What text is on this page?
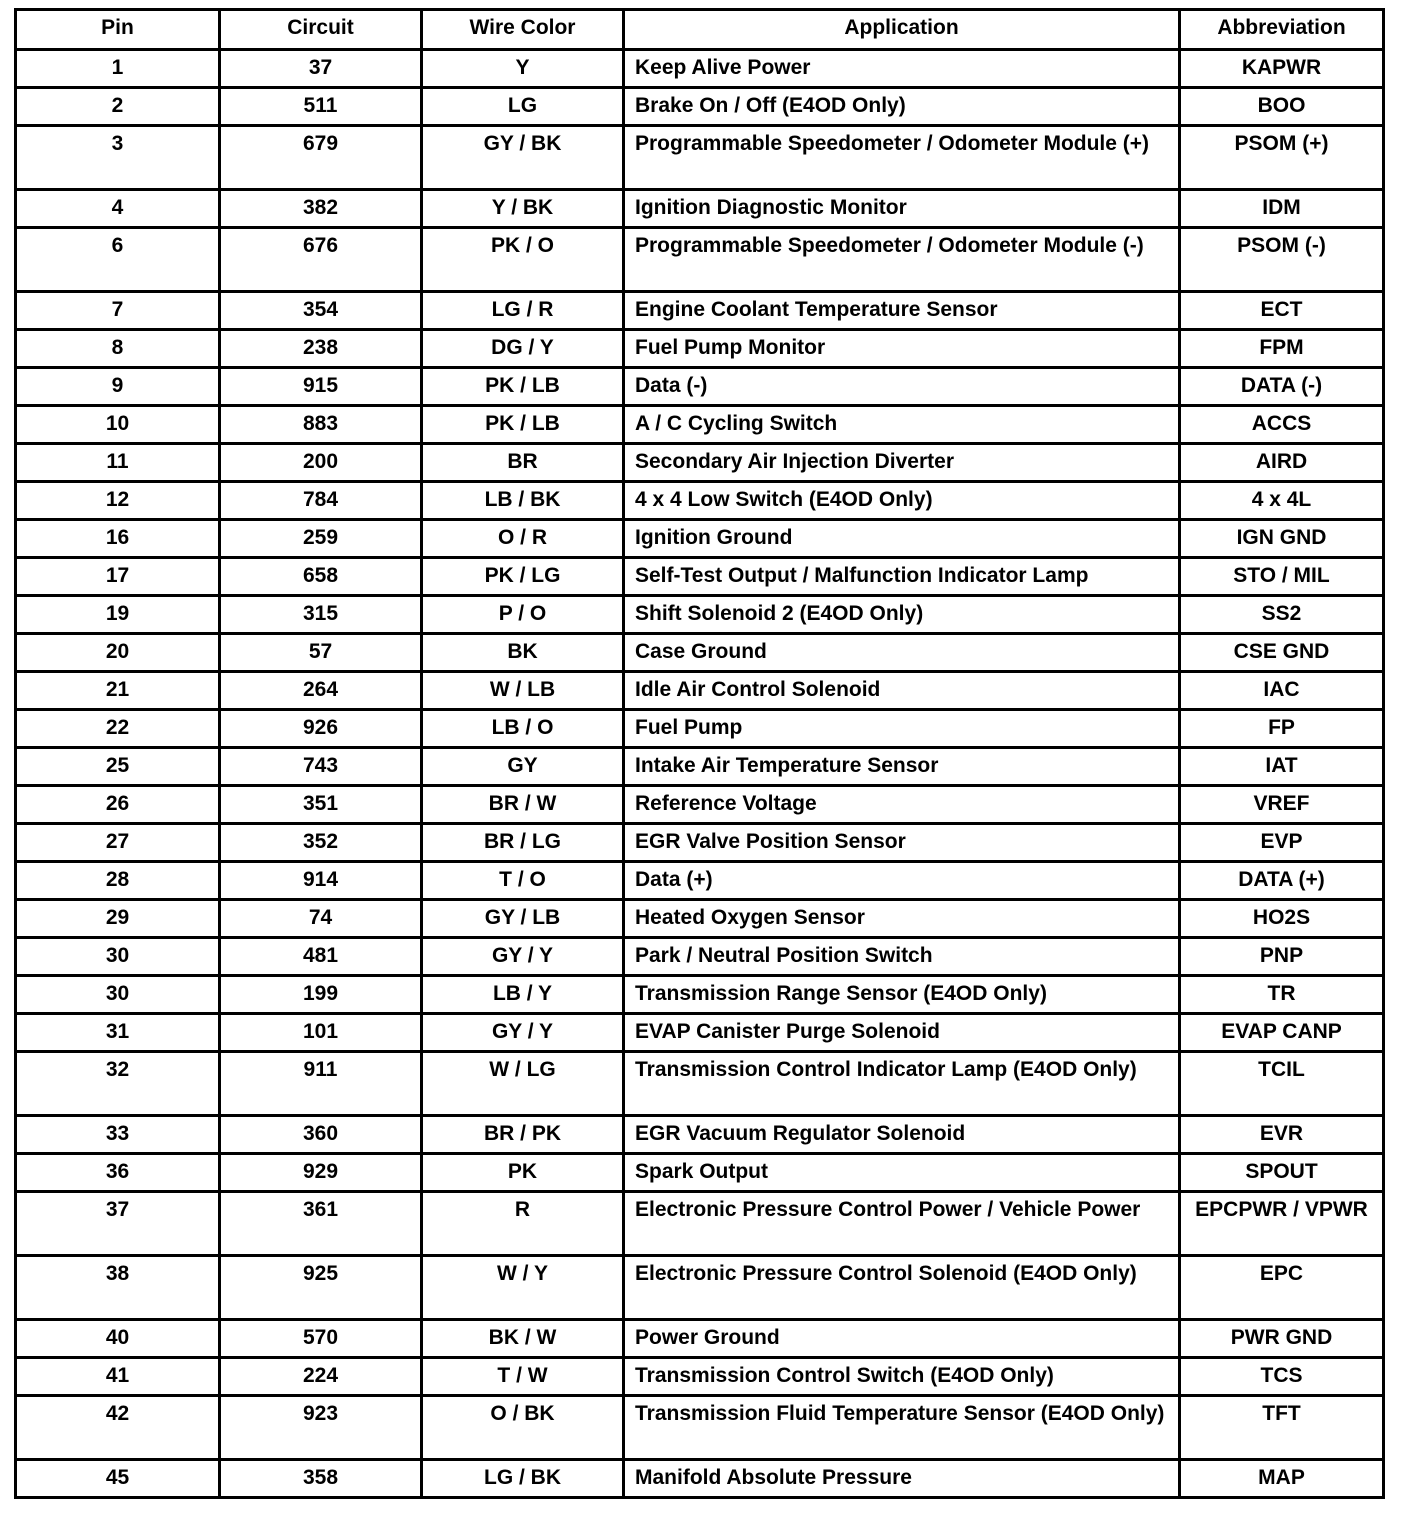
Pin	Circuit	Wire Color	Application	Abbreviation
1	37	Y	Keep Alive Power	KAPWR
2	511	LG	Brake On / Off (E4OD Only)	BOO
3	679	GY / BK	Programmable Speedometer / Odometer Module (+)	PSOM (+)
4	382	Y / BK	Ignition Diagnostic Monitor	IDM
6	676	PK / O	Programmable Speedometer / Odometer Module (-)	PSOM (-)
7	354	LG / R	Engine Coolant Temperature Sensor	ECT
8	238	DG / Y	Fuel Pump Monitor	FPM
9	915	PK / LB	Data (-)	DATA (-)
10	883	PK / LB	A / C Cycling Switch	ACCS
11	200	BR	Secondary Air Injection Diverter	AIRD
12	784	LB / BK	4 x 4 Low Switch (E4OD Only)	4 x 4L
16	259	O / R	Ignition Ground	IGN GND
17	658	PK / LG	Self-Test Output / Malfunction Indicator Lamp	STO / MIL
19	315	P / O	Shift Solenoid 2 (E4OD Only)	SS2
20	57	BK	Case Ground	CSE GND
21	264	W / LB	Idle Air Control Solenoid	IAC
22	926	LB / O	Fuel Pump	FP
25	743	GY	Intake Air Temperature Sensor	IAT
26	351	BR / W	Reference Voltage	VREF
27	352	BR / LG	EGR Valve Position Sensor	EVP
28	914	T / O	Data (+)	DATA (+)
29	74	GY / LB	Heated Oxygen Sensor	HO2S
30	481	GY / Y	Park / Neutral Position Switch	PNP
30	199	LB / Y	Transmission Range Sensor (E4OD Only)	TR
31	101	GY / Y	EVAP Canister Purge Solenoid	EVAP CANP
32	911	W / LG	Transmission Control Indicator Lamp (E4OD Only)	TCIL
33	360	BR / PK	EGR Vacuum Regulator Solenoid	EVR
36	929	PK	Spark Output	SPOUT
37	361	R	Electronic Pressure Control Power / Vehicle Power	EPCPWR / VPWR
38	925	W / Y	Electronic Pressure Control Solenoid (E4OD Only)	EPC
40	570	BK / W	Power Ground	PWR GND
41	224	T / W	Transmission Control Switch (E4OD Only)	TCS
42	923	O / BK	Transmission Fluid Temperature Sensor (E4OD Only)	TFT
45	358	LG / BK	Manifold Absolute Pressure	MAP
